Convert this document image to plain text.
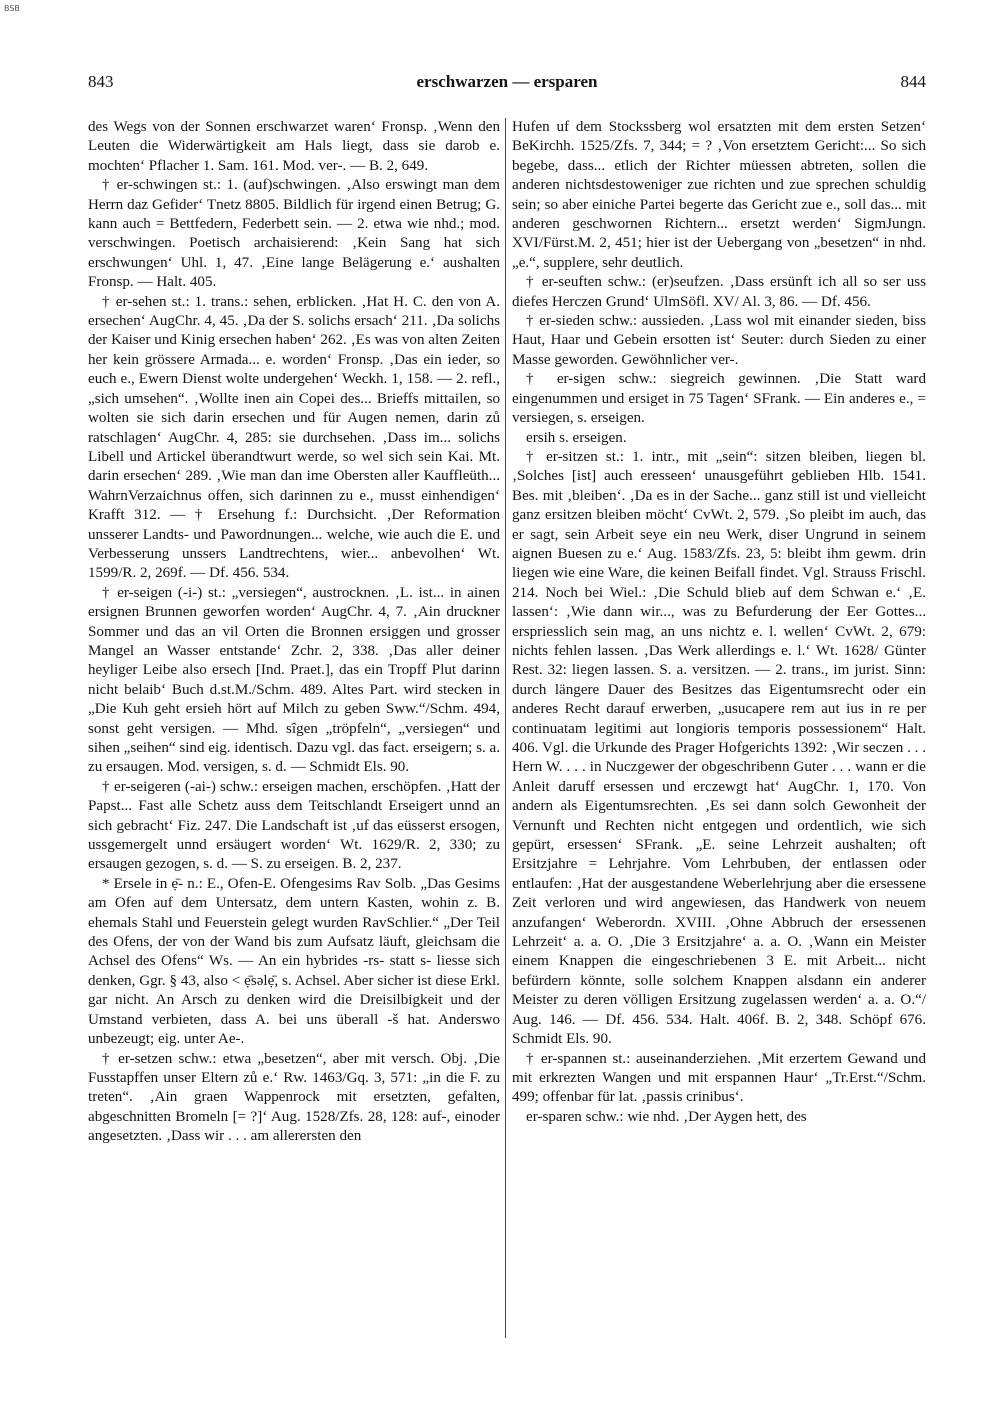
BSB
843	erschwarzen — ersparen	844

des Wegs von der Sonnen erschwarzet waren‘ Fronsp. ‚Wenn den Leuten die Widerwärtigkeit am Hals liegt, dass sie darob e. mochten‘ Pflacher 1. Sam. 161. Mod. ver-. — B. 2, 649.

† er-schwingen st.: 1. (auf)schwingen. ‚Also erswingt man dem Herrn daz Gefider‘ Tnetz 8805. Bildlich für irgend einen Betrug; G. kann auch = Bettfedern, Federbett sein. — 2. etwa wie nhd.; mod. verschwingen. Poetisch archaisierend: ‚Kein Sang hat sich erschwungen‘ Uhl. 1, 47. ‚Eine lange Belägerung e.‘ aushalten Fronsp. — Halt. 405.

† er-sehen st.: 1. trans.: sehen, erblicken. ‚Hat H. C. den von A. ersechen‘ AugChr. 4, 45. ‚Da der S. solichs ersach‘ 211. ‚Da solichs der Kaiser und Kinig ersechen haben‘ 262. ‚Es was von alten Zeiten her kein grössere Armada... e. worden‘ Fronsp. ‚Das ein ieder, so euch e., Ewern Dienst wolte undergehen‘ Weckh. 1, 158. — 2. refl., „sich umsehen“. ‚Wollte inen ain Copei des... Brieffs mittailen, so wolten sie sich darin ersechen und für Augen nemen, darin zů ratschlagen‘ AugChr. 4, 285: sie durchsehen. ‚Dass im... solichs Libell und Artickel überandtwurt werde, so wel sich sein Kai. Mt. darin ersechen‘ 289. ‚Wie man dan ime Obersten aller Kauffleüth... WahrnVerzaichnus offen, sich darinnen zu e., musst einhendigen‘ Krafft 312. — † Ersehung f.: Durchsicht. ‚Der Reformation unsserer Landts- und Pawordnungen... welche, wie auch die E. und Verbesserung unssers Landtrechtens, wier... anbevolhen‘ Wt. 1599/R. 2, 269f. — Df. 456. 534.

† er-seigen (-i-) st.: „versiegen“, austrocknen. ‚L. ist... in ainen ersignen Brunnen geworfen worden‘ AugChr. 4, 7. ‚Ain druckner Sommer und das an vil Orten die Bronnen ersiggen und grosser Mangel an Wasser entstande‘ Zchr. 2, 338. ‚Das aller deiner heyliger Leibe also ersech [Ind. Praet.], das ein Tropff Plut darinn nicht belaib‘ Buch d.st.M./Schm. 489. Altes Part. wird stecken in „Die Kuh geht ersieh hört auf Milch zu geben Sww.“/Schm. 494, sonst geht versigen. — Mhd. sîgen „tröpfeln“, „versiegen“ und sihen „seihen“ sind eig. identisch. Dazu vgl. das fact. erseigern; s. a. zu ersaugen. Mod. versigen, s. d. — Schmidt Els. 90.

† er-seigeren (-ai-) schw.: erseigen machen, erschöpfen. ‚Hatt der Papst... Fast alle Schetz auss dem Teitschlandt Erseigert unnd an sich gebracht‘ Fiz. 247. Die Landschaft ist ‚uf das eüsserst ersogen, ussgemergelt unnd ersäugert worden‘ Wt. 1629/R. 2, 330; zu ersaugen gezogen, s. d. — S. zu erseigen. B. 2, 237.

* Ersele in ẹ̄- n.: E., Ofen-E. Ofengesims Rav Solb. „Das Gesims am Ofen auf dem Untersatz, dem untern Kasten, wohin z. B. ehemals Stahl und Feuerstein gelegt wurden RavSchlier.“ „Der Teil des Ofens, der von der Wand bis zum Aufsatz läuft, gleichsam die Achsel des Ofens“ Ws. — An ein hybrides -rs- statt s- liesse sich denken, Ggr. § 43, also < ẹ̄səlẹ̄, s. Achsel. Aber sicher ist diese Erkl. gar nicht. An Arsch zu denken wird die Dreisilbigkeit und der Umstand verbieten, dass A. bei uns überall -š hat. Anderswo unbezeugt; eig. unter Ae-.

† er-setzen schw.: etwa „besetzen“, aber mit versch. Obj. ‚Die Fusstapffen unser Eltern zů e.‘ Rw. 1463/Gq. 3, 571: „in die F. zu treten“. ‚Ain graen Wappenrock mit ersetzten, gefalten, abgeschnitten Bromeln [= ?]‘ Aug. 1528/Zfs. 28, 128: auf-, einoder angesetzten. ‚Dass wir . . . am allerersten den

Hufen uf dem Stockssberg wol ersatzten mit dem ersten Setzen‘ BeKirchh. 1525/Zfs. 7, 344; = ? ‚Von ersetztem Gericht:... So sich begebe, dass... etlich der Richter müessen abtreten, sollen die anderen nichtsdestoweniger zue richten und zue sprechen schuldig sein; so aber einiche Partei begerte das Gericht zue e., soll das... mit anderen geschwornen Richtern... ersetzt werden‘ SigmJungn. XVI/Fürst.M. 2, 451; hier ist der Uebergang von „besetzen“ in nhd. „e.“, supplere, sehr deutlich.

† er-seuften schw.: (er)seufzen. ‚Dass ersünft ich all so ser uss diefes Herczen Grund‘ UlmSöfl. XV/ Al. 3, 86. — Df. 456.

† er-sieden schw.: aussieden. ‚Lass wol mit einander sieden, biss Haut, Haar und Gebein ersotten ist‘ Seuter: durch Sieden zu einer Masse geworden. Gewöhnlicher ver-.

† er-sigen schw.: siegreich gewinnen. ‚Die Statt ward eingenummen und ersiget in 75 Tagen‘ SFrank. — Ein anderes e., = versiegen, s. erseigen.

ersih s. erseigen.

† er-sitzen st.: 1. intr., mit „sein“: sitzen bleiben, liegen bl. ‚Solches [ist] auch eresseen‘ unausgeführt geblieben Hlb. 1541. Bes. mit ‚bleiben‘. ‚Da es in der Sache... ganz still ist und vielleicht ganz ersitzen bleiben möcht‘ CvWt. 2, 579. ‚So pleibt im auch, das er sagt, sein Arbeit seye ein neu Werk, diser Ungrund in seinem aignen Buesen zu e.‘ Aug. 1583/Zfs. 23, 5: bleibt ihm gewm. drin liegen wie eine Ware, die keinen Beifall findet. Vgl. Strauss Frischl. 214. Noch bei Wiel.: ‚Die Schuld blieb auf dem Schwan e.‘ ‚E. lassen‘: ‚Wie dann wir..., was zu Befurderung der Eer Gottes... erspriesslich sein mag, an uns nichtz e. l. wellen‘ CvWt. 2, 679: nichts fehlen lassen. ‚Das Werk allerdings e. l.‘ Wt. 1628/ Günter Rest. 32: liegen lassen. S. a. versitzen. — 2. trans., im jurist. Sinn: durch längere Dauer des Besitzes das Eigentumsrecht oder ein anderes Recht darauf erwerben, „usucapere rem aut ius in re per continuatam legitimi aut longioris temporis possessionem“ Halt. 406. Vgl. die Urkunde des Prager Hofgerichts 1392: ‚Wir seczen . . . Hern W. . . . in Nuczgewer der obgeschribenn Guter . . . wann er die Anleit daruff ersessen und erczewgt hat‘ AugChr. 1, 170. Von andern als Eigentumsrechten. ‚Es sei dann solch Gewonheit der Vernunft und Rechten nicht entgegen und ordentlich, wie sich gepürt, ersessen‘ SFrank. „E. seine Lehrzeit aushalten; oft Ersitzjahre = Lehrjahre. Vom Lehrbuben, der entlassen oder entlaufen: ‚Hat der ausgestandene Weberlehrjung aber die ersessene Zeit verloren und wird angewiesen, das Handwerk von neuem anzufangen‘ Weberordn. XVIII. ‚Ohne Abbruch der ersessenen Lehrzeit‘ a. a. O. ‚Die 3 Ersitzjahre‘ a. a. O. ‚Wann ein Meister einem Knappen die eingeschriebenen 3 E. mit Arbeit... nicht befürdern könnte, solle solchem Knappen alsdann ein anderer Meister zu deren völligen Ersitzung zugelassen werden‘ a. a. O.“/ Aug. 146. — Df. 456. 534. Halt. 406f. B. 2, 348. Schöpf 676. Schmidt Els. 90.

† er-spannen st.: auseinanderziehen. ‚Mit erzertem Gewand und mit erkrezten Wangen und mit erspannen Haur‘ „Tr.Erst.“/Schm. 499; offenbar für lat. ‚passis crinibus‘.

er-sparen schw.: wie nhd. ‚Der Aygen hett, des
